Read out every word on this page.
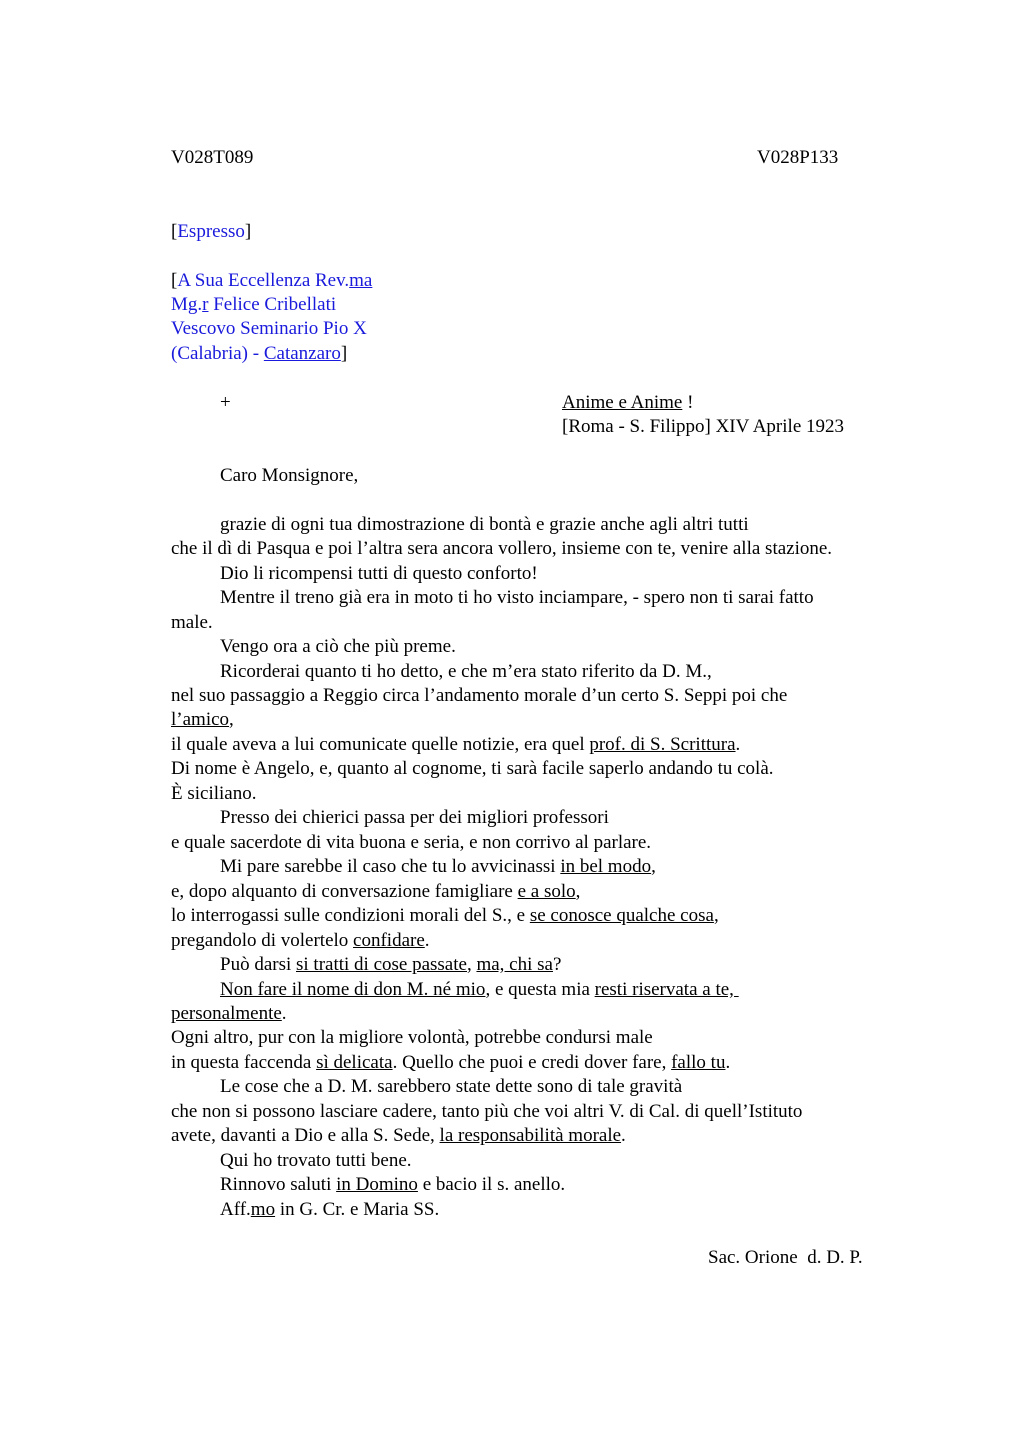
V028T089	V028P133
[Espresso]
[A Sua Eccellenza Rev.ma
Mg.r Felice Cribellati
Vescovo Seminario Pio X
(Calabria) - Catanzaro]
+	Anime e Anime !
[Roma - S. Filippo] XIV Aprile 1923
Caro Monsignore,
grazie di ogni tua dimostrazione di bontà e grazie anche agli altri tutti
che il dì di Pasqua e poi l’altra sera ancora vollero, insieme con te, venire alla stazione.
Dio li ricompensi tutti di questo conforto!
Mentre il treno già era in moto ti ho visto inciampare, - spero non ti sarai fatto
male.
Vengo ora a ciò che più preme.
Ricorderai quanto ti ho detto, e che m’era stato riferito da D. M.,
nel suo passaggio a Reggio circa l’andamento morale d’un certo S. Seppi poi che
l’amico,
il quale aveva a lui comunicate quelle notizie, era quel prof. di S. Scrittura.
Di nome è Angelo, e, quanto al cognome, ti sarà facile saperlo andando tu colà.
È siciliano.
Presso dei chierici passa per dei migliori professori
e quale sacerdote di vita buona e seria, e non corrivo al parlare.
Mi pare sarebbe il caso che tu lo avvicinassi in bel modo,
e, dopo alquanto di conversazione famigliare e a solo,
lo interrogassi sulle condizioni morali del S., e se conosce qualche cosa,
pregandolo di volertelo confidare.
Può darsi si tratti di cose passate, ma, chi sa?
Non fare il nome di don M. né mio, e questa mia resti riservata a te,
personalmente.
Ogni altro, pur con la migliore volontà, potrebbe condursi male
in questa faccenda sì delicata. Quello che puoi e credi dover fare, fallo tu.
Le cose che a D. M. sarebbero state dette sono di tale gravità
che non si possono lasciare cadere, tanto più che voi altri V. di Cal. di quell’Istituto
avete, davanti a Dio e alla S. Sede, la responsabilità morale.
Qui ho trovato tutti bene.
Rinnovo saluti in Domino e bacio il s. anello.
Aff.mo in G. Cr. e Maria SS.
Sac. Orione  d. D. P.
